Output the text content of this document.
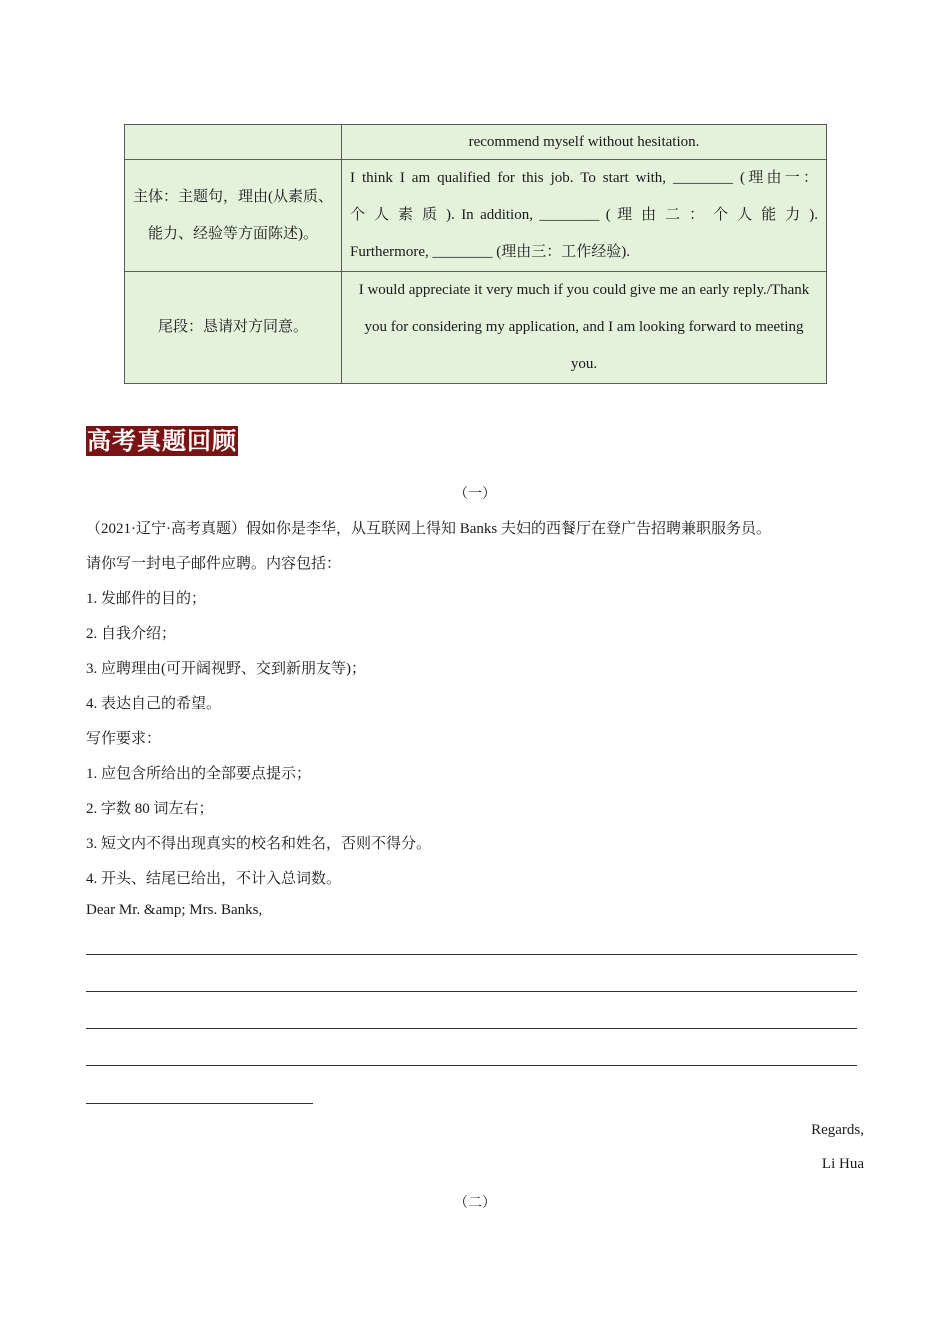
	recommend myself without hesitation.
主体：主题句，理由(从素质、能力、经验等方面陈述)。	I think I am qualified for this job. To start with, ________ (理由一：
个 人 素 质 ). In addition, ________ ( 理 由 二 ： 个 人 能 力 ).
Furthermore, ________ (理由三：工作经验).

尾段：恳请对方同意。	I would appreciate it very much if you could give me an early reply./Thank you for considering my application, and I am looking forward to meeting you.
高考真题回顾
（一）
（2021·辽宁·高考真题）假如你是李华，从互联网上得知 Banks 夫妇的西餐厅在登广告招聘兼职服务员。
请你写一封电子邮件应聘。内容包括：
1. 发邮件的目的；
2. 自我介绍；
3. 应聘理由(可开阔视野、交到新朋友等)；
4. 表达自己的希望。
写作要求：
1. 应包含所给出的全部要点提示；
2. 字数 80 词左右；
3. 短文内不得出现真实的校名和姓名，否则不得分。
4. 开头、结尾已给出，不计入总词数。
Dear Mr. &amp; Mrs. Banks,
Regards,
Li Hua
（二）
